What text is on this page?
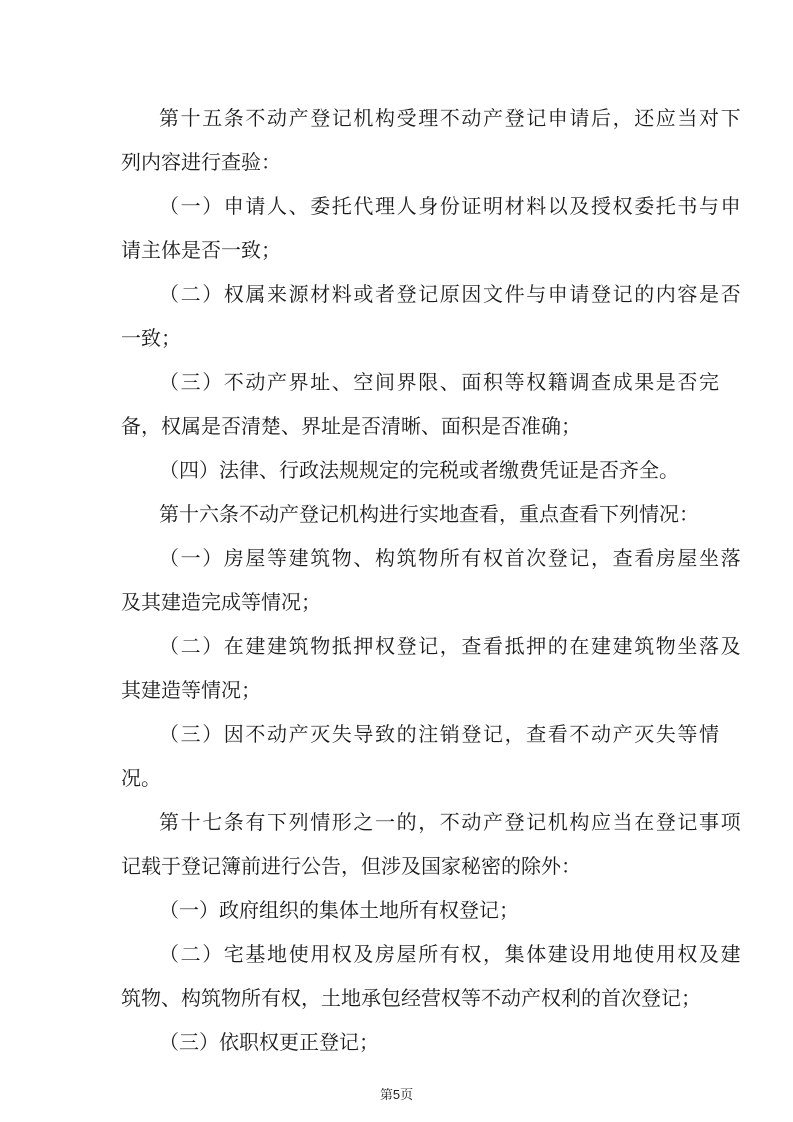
第十五条不动产登记机构受理不动产登记申请后，还应当对下
列内容进行查验：
（一）申请人、委托代理人身份证明材料以及授权委托书与申
请主体是否一致；
（二）权属来源材料或者登记原因文件与申请登记的内容是否
一致；
（三）不动产界址、空间界限、面积等权籍调查成果是否完
备，权属是否清楚、界址是否清晰、面积是否准确；
（四）法律、行政法规规定的完税或者缴费凭证是否齐全。
第十六条不动产登记机构进行实地查看，重点查看下列情况：
（一）房屋等建筑物、构筑物所有权首次登记，查看房屋坐落
及其建造完成等情况；
（二）在建建筑物抵押权登记，查看抵押的在建建筑物坐落及
其建造等情况；
（三）因不动产灭失导致的注销登记，查看不动产灭失等情
况。
第十七条有下列情形之一的，不动产登记机构应当在登记事项
记载于登记簿前进行公告，但涉及国家秘密的除外：
（一）政府组织的集体土地所有权登记；
（二）宅基地使用权及房屋所有权，集体建设用地使用权及建
筑物、构筑物所有权，土地承包经营权等不动产权利的首次登记；
（三）依职权更正登记；
第5页
